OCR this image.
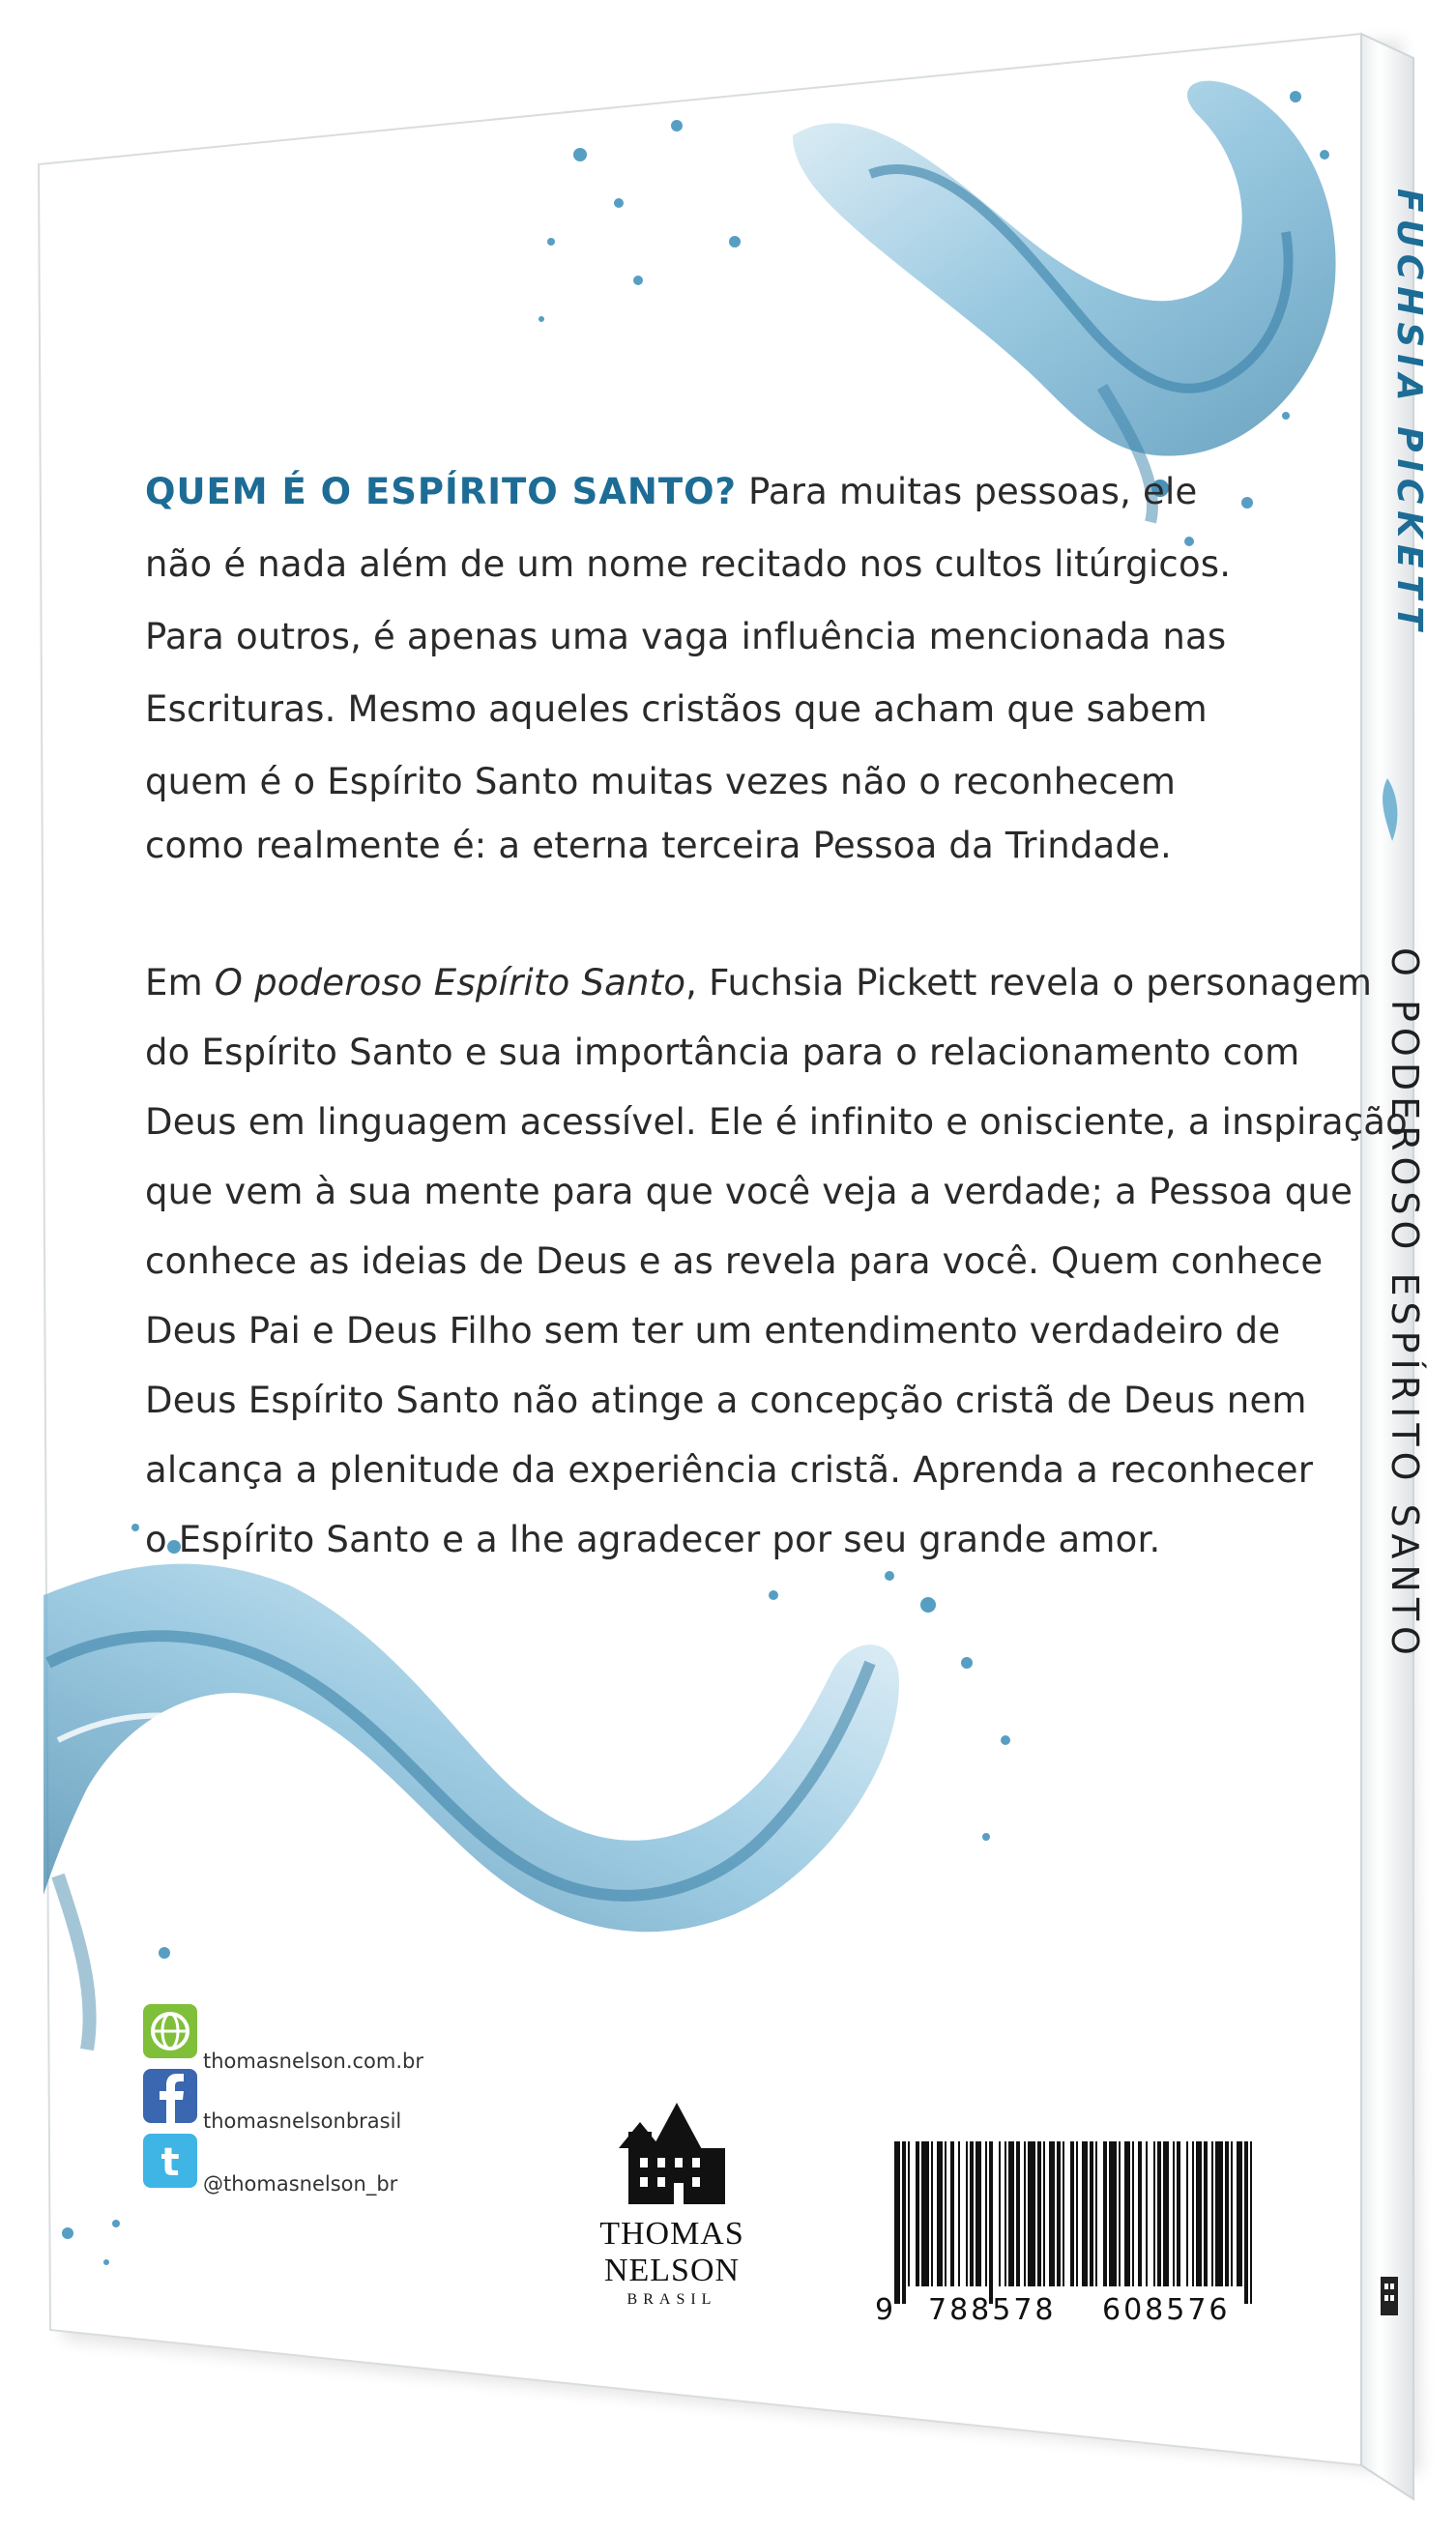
t
QUEM É O ESPÍRITO SANTO? Para muitas pessoas, ele
não é nada além de um nome recitado nos cultos litúrgicos.
Para outros, é apenas uma vaga influência mencionada nas
Escrituras. Mesmo aqueles cristãos que acham que sabem
quem é o Espírito Santo muitas vezes não o reconhecem
como realmente é: a eterna terceira Pessoa da Trindade.
Em O poderoso Espírito Santo, Fuchsia Pickett revela o personagem
do Espírito Santo e sua importância para o relacionamento com
Deus em linguagem acessível. Ele é infinito e onisciente, a inspiração
que vem à sua mente para que você veja a verdade; a Pessoa que
conhece as ideias de Deus e as revela para você. Quem conhece
Deus Pai e Deus Filho sem ter um entendimento verdadeiro de
Deus Espírito Santo não atinge a concepção cristã de Deus nem
alcança a plenitude da experiência cristã. Aprenda a reconhecer
o Espírito Santo e a lhe agradecer por seu grande amor.
thomasnelson.com.br
thomasnelsonbrasil
@thomasnelson_br
THOMAS NELSON
BRASIL	9 788578 608576
FUCHSIA PICKETT
O PODEROSO ESPÍRITO SANTO
